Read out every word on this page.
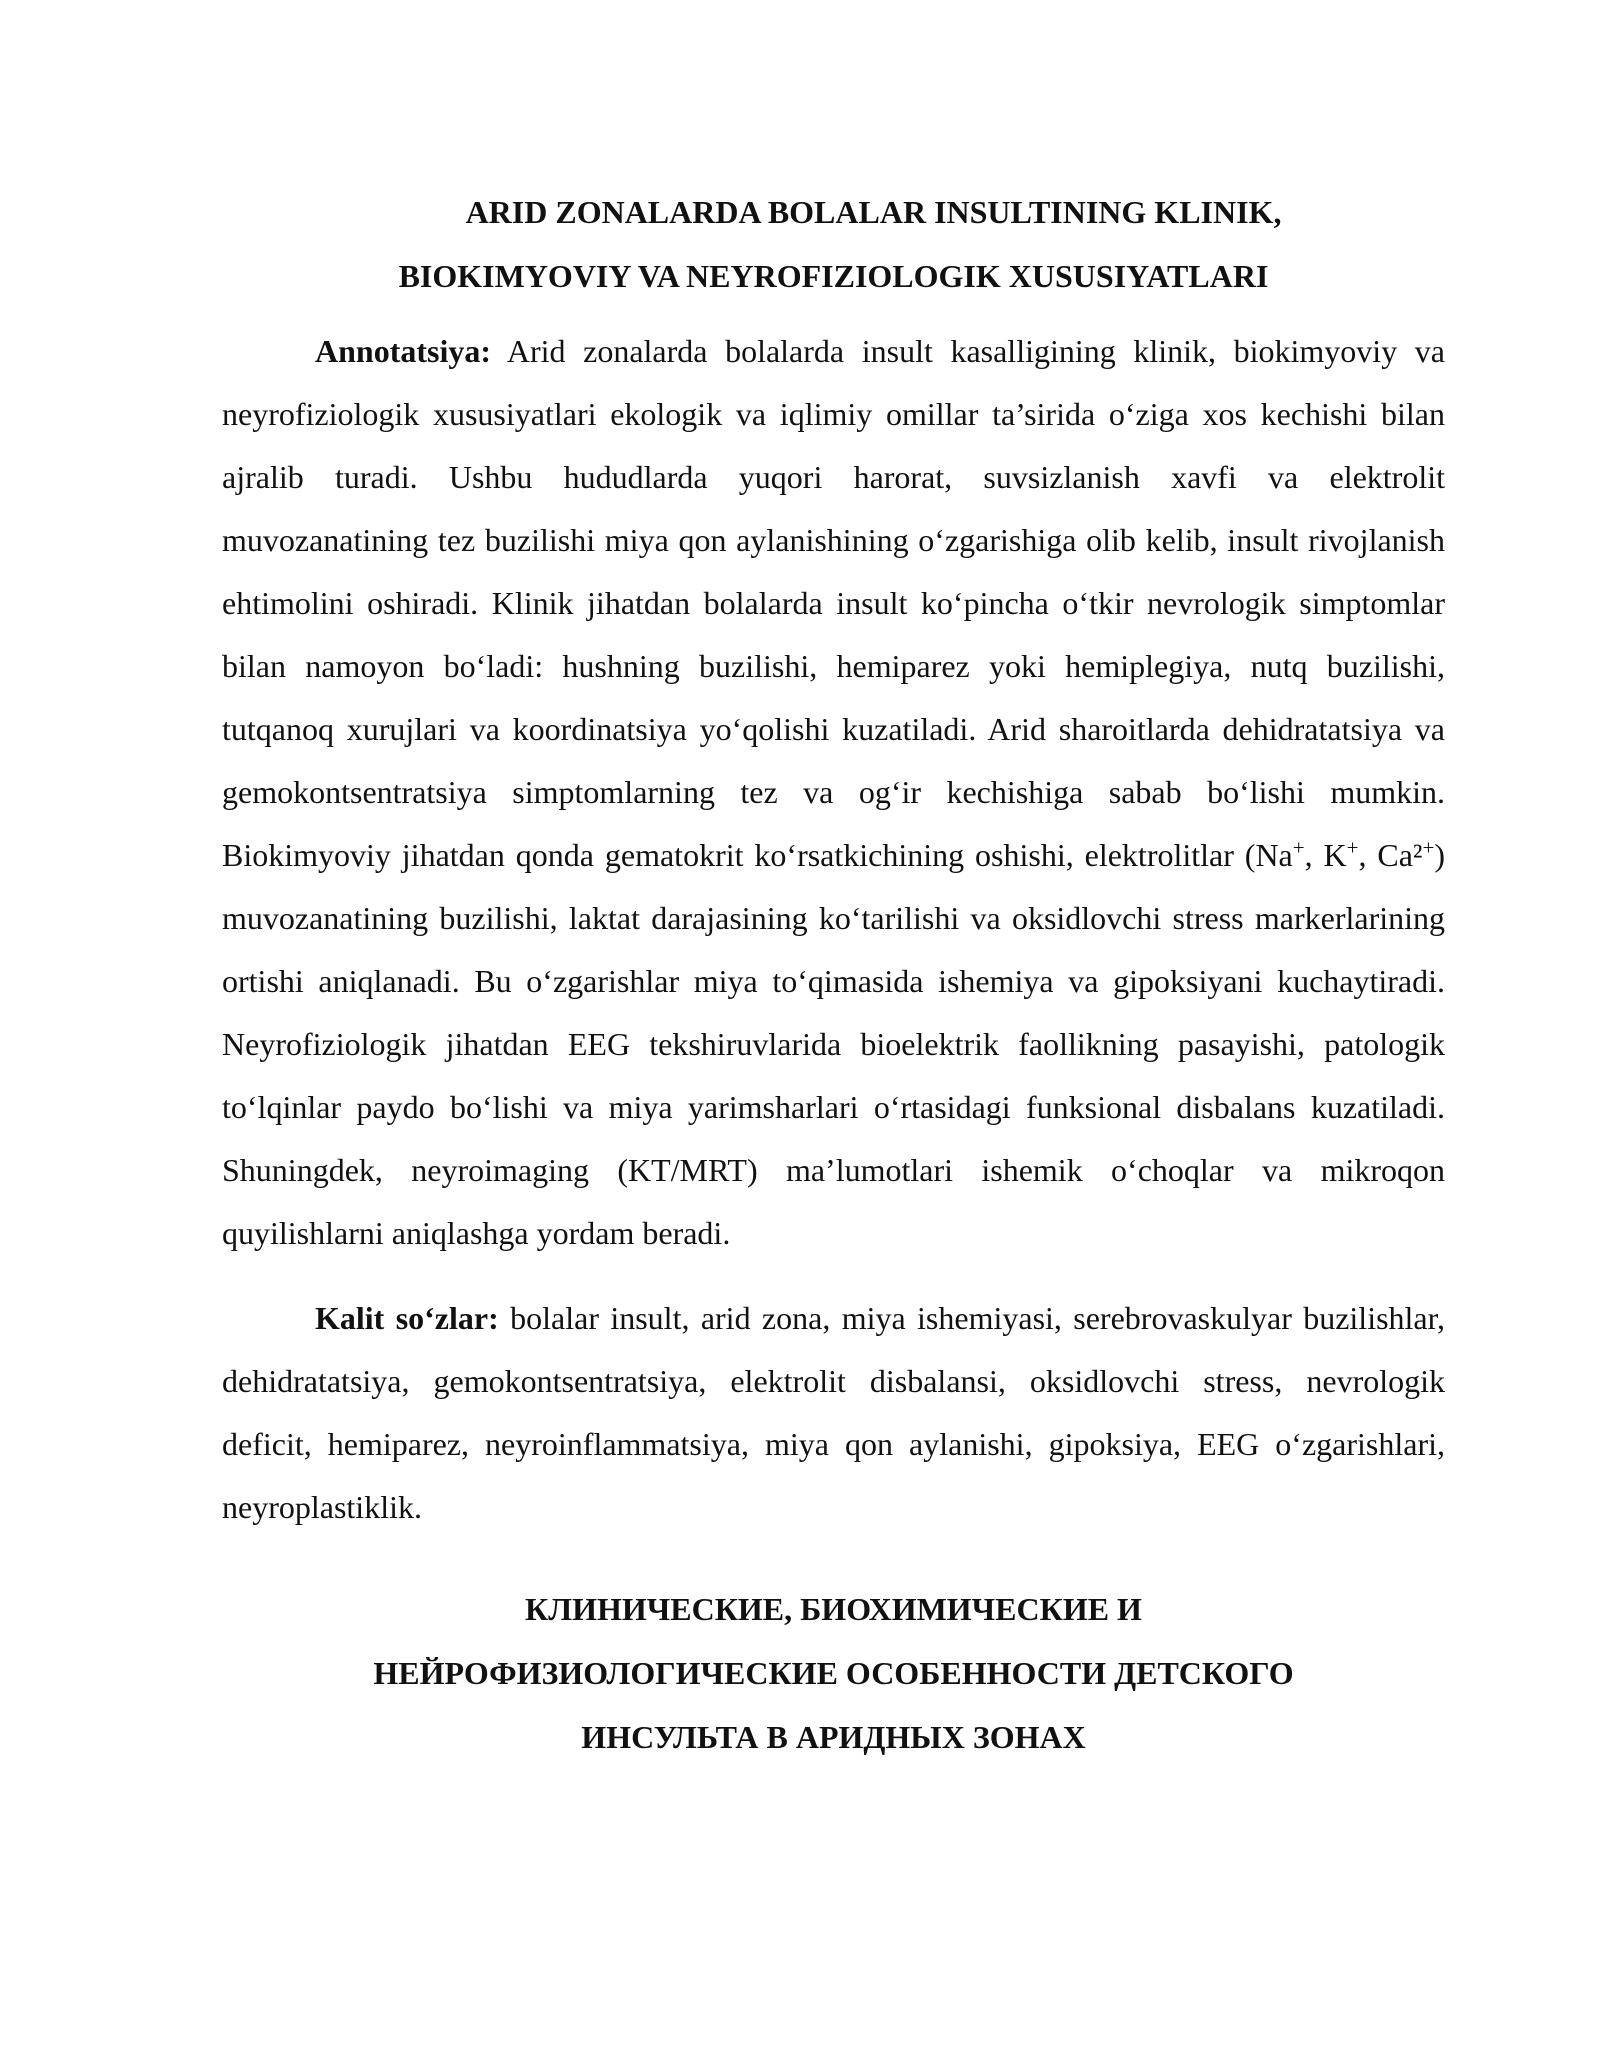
ARID ZONALARDA BOLALAR INSULTINING KLINIK,
BIOKIMYOVIY VA NEYROFIZIOLOGIK XUSUSIYATLARI

Annotatsiya: Arid zonalarda bolalarda insult kasalligining klinik, biokimyoviy va neyrofiziologik xususiyatlari ekologik va iqlimiy omillar ta’sirida o‘ziga xos kechishi bilan ajralib turadi. Ushbu hududlarda yuqori harorat, suvsizlanish xavfi va elektrolit muvozanatining tez buzilishi miya qon aylanishining o‘zgarishiga olib kelib, insult rivojlanish ehtimolini oshiradi. Klinik jihatdan bolalarda insult ko‘pincha o‘tkir nevrologik simptomlar bilan namoyon bo‘ladi: hushning buzilishi, hemiparez yoki hemiplegiya, nutq buzilishi, tutqanoq xurujlari va koordinatsiya yo‘qolishi kuzatiladi. Arid sharoitlarda dehidratatsiya va gemokontsentratsiya simptomlarning tez va og‘ir kechishiga sabab bo‘lishi mumkin. Biokimyoviy jihatdan qonda gematokrit ko‘rsatkichining oshishi, elektrolitlar (Na+, K+, Ca²+) muvozanatining buzilishi, laktat darajasining ko‘tarilishi va oksidlovchi stress markerlarining ortishi aniqlanadi. Bu o‘zgarishlar miya to‘qimasida ishemiya va gipoksiyani kuchaytiradi. Neyrofiziologik jihatdan EEG tekshiruvlarida bioelektrik faollikning pasayishi, patologik to‘lqinlar paydo bo‘lishi va miya yarimsharlari o‘rtasidagi funksional disbalans kuzatiladi. Shuningdek, neyroimaging (KT/MRT) ma’lumotlari ishemik o‘choqlar va mikroqon quyilishlarni aniqlashga yordam beradi.

Kalit so‘zlar: bolalar insult, arid zona, miya ishemiyasi, serebrovaskulyar buzilishlar, dehidratatsiya, gemokontsentratsiya, elektrolit disbalansi, oksidlovchi stress, nevrologik deficit, hemiparez, neyroinflammatsiya, miya qon aylanishi, gipoksiya, EEG o‘zgarishlari, neyroplastiklik.

КЛИНИЧЕСКИЕ, БИОХИМИЧЕСКИЕ И
НЕЙРОФИЗИОЛОГИЧЕСКИЕ ОСОБЕННОСТИ ДЕТСКОГО
ИНСУЛЬТА В АРИДНЫХ ЗОНАХ
